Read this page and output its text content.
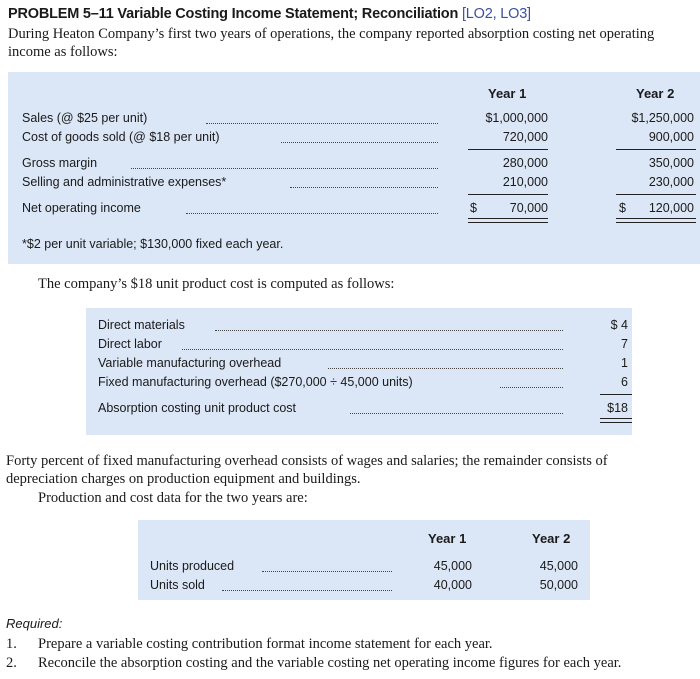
PROBLEM 5–11 Variable Costing Income Statement; Reconciliation [LO2, LO3]
During Heaton Company’s first two years of operations, the company reported absorption costing net operating income as follows:
Year 1	Year 2
Sales (@ $25 per unit)	$1,000,000	$1,250,000
Cost of goods sold (@ $18 per unit)	720,000	900,000
Gross margin	280,000	350,000
Selling and administrative expenses*	210,000	230,000
Net operating income	$	70,000	$ 120,000
*$2 per unit variable; $130,000 fixed each year.
The company’s $18 unit product cost is computed as follows:
Direct materials	$ 4
Direct labor	7
Variable manufacturing overhead	1
Fixed manufacturing overhead ($270,000 ÷ 45,000 units)	6
Absorption costing unit product cost	$18
Forty percent of fixed manufacturing overhead consists of wages and salaries; the remainder consists of
depreciation charges on production equipment and buildings.
Production and cost data for the two years are:
Year 1	Year 2
Units produced	45,000	45,000
Units sold	40,000	50,000
Required:
1. Prepare a variable costing contribution format income statement for each year.
2. Reconcile the absorption costing and the variable costing net operating income figures for each year.
